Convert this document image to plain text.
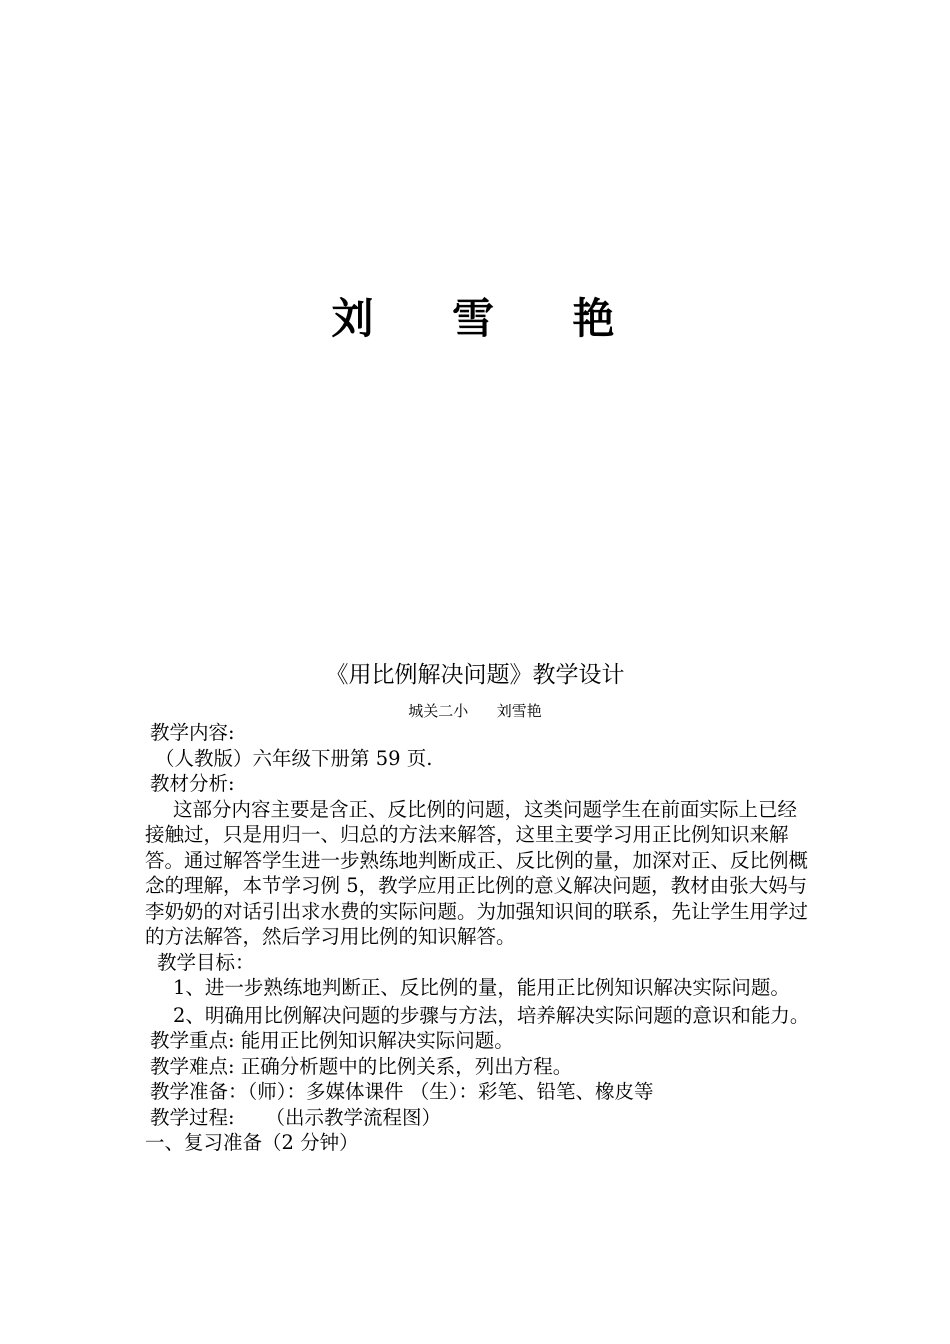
刘    雪    艳
《用比例解决问题》教学设计
城关二小      刘雪艳

教学内容:

（人教版）六年级下册第 59 页.

教材分析:

这部分内容主要是含正、反比例的问题，这类问题学生在前面实际上已经接触过，只是用归一、归总的方法来解答，这里主要学习用正比例知识来解答。通过解答学生进一步熟练地判断成正、反比例的量，加深对正、反比例概念的理解，本节学习例 5，教学应用正比例的意义解决问题，教材由张大妈与李奶奶的对话引出求水费的实际问题。为加强知识间的联系，先让学生用学过的方法解答，然后学习用比例的知识解答。

教学目标：

1、进一步熟练地判断正、反比例的量，能用正比例知识解决实际问题。

2、明确用比例解决问题的步骤与方法，培养解决实际问题的意识和能力。

教学重点: 能用正比例知识解决实际问题。

教学难点: 正确分析题中的比例关系，列出方程。

教学准备：（师）：多媒体课件 （生）：彩笔、铅笔、橡皮等

教学过程:     （出示教学流程图）

一、复习准备（2 分钟）
